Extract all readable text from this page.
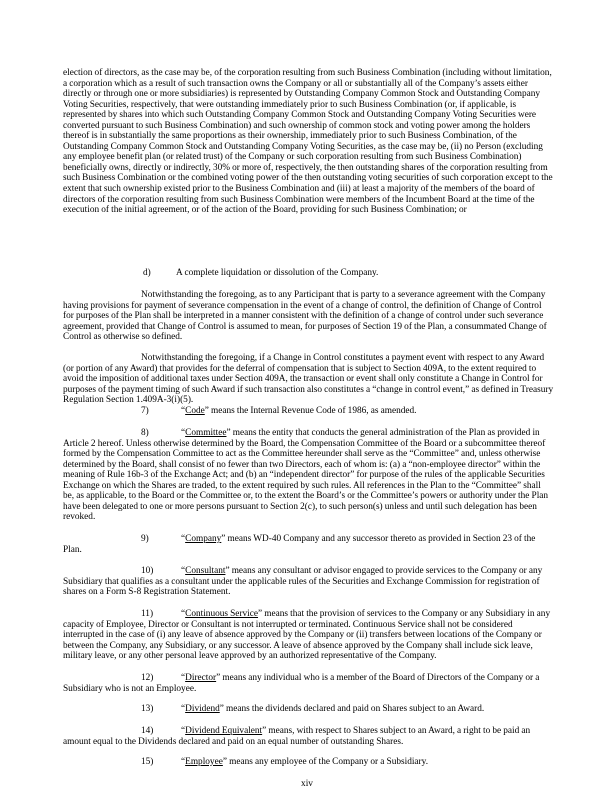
election of directors, as the case may be, of the corporation resulting from such Business Combination (including without limitation, a corporation which as a result of such transaction owns the Company or all or substantially all of the Company’s assets either directly or through one or more subsidiaries) is represented by Outstanding Company Common Stock and Outstanding Company Voting Securities, respectively, that were outstanding immediately prior to such Business Combination (or, if applicable, is represented by shares into which such Outstanding Company Common Stock and Outstanding Company Voting Securities were converted pursuant to such Business Combination) and such ownership of common stock and voting power among the holders thereof is in substantially the same proportions as their ownership, immediately prior to such Business Combination, of the Outstanding Company Common Stock and Outstanding Company Voting Securities, as the case may be, (ii) no Person (excluding any employee benefit plan (or related trust) of the Company or such corporation resulting from such Business Combination) beneficially owns, directly or indirectly, 30% or more of, respectively, the then outstanding shares of the corporation resulting from such Business Combination or the combined voting power of the then outstanding voting securities of such corporation except to the extent that such ownership existed prior to the Business Combination and (iii) at least a majority of the members of the board of directors of the corporation resulting from such Business Combination were members of the Incumbent Board at the time of the execution of the initial agreement, or of the action of the Board, providing for such Business Combination; or

d)	A complete liquidation or dissolution of the Company.

Notwithstanding the foregoing, as to any Participant that is party to a severance agreement with the Company having provisions for payment of severance compensation in the event of a change of control, the definition of Change of Control for purposes of the Plan shall be interpreted in a manner consistent with the definition of a change of control under such severance agreement, provided that Change of Control is assumed to mean, for purposes of Section 19 of the Plan, a consummated Change of Control as otherwise so defined.

Notwithstanding the foregoing, if a Change in Control constitutes a payment event with respect to any Award (or portion of any Award) that provides for the deferral of compensation that is subject to Section 409A, to the extent required to avoid the imposition of additional taxes under Section 409A, the transaction or event shall only constitute a Change in Control for purposes of the payment timing of such Award if such transaction also constitutes a “change in control event,” as defined in Treasury Regulation Section 1.409A-3(i)(5).

7)	“Code” means the Internal Revenue Code of 1986, as amended.

8)	“Committee” means the entity that conducts the general administration of the Plan as provided in Article 2 hereof. Unless otherwise determined by the Board, the Compensation Committee of the Board or a subcommittee thereof formed by the Compensation Committee to act as the Committee hereunder shall serve as the “Committee” and, unless otherwise determined by the Board, shall consist of no fewer than two Directors, each of whom is: (a) a “non-employee director” within the meaning of Rule 16b-3 of the Exchange Act; and (b) an “independent director” for purpose of the rules of the applicable Securities Exchange on which the Shares are traded, to the extent required by such rules. All references in the Plan to the “Committee” shall be, as applicable, to the Board or the Committee or, to the extent the Board’s or the Committee’s powers or authority under the Plan have been delegated to one or more persons pursuant to Section 2(c), to such person(s) unless and until such delegation has been revoked.

9)	“Company” means WD-40 Company and any successor thereto as provided in Section 23 of the Plan.

10)	“Consultant” means any consultant or advisor engaged to provide services to the Company or any Subsidiary that qualifies as a consultant under the applicable rules of the Securities and Exchange Commission for registration of shares on a Form S-8 Registration Statement.

11)	“Continuous Service” means that the provision of services to the Company or any Subsidiary in any capacity of Employee, Director or Consultant is not interrupted or terminated. Continuous Service shall not be considered interrupted in the case of (i) any leave of absence approved by the Company or (ii) transfers between locations of the Company or between the Company, any Subsidiary, or any successor. A leave of absence approved by the Company shall include sick leave, military leave, or any other personal leave approved by an authorized representative of the Company.

12)	“Director” means any individual who is a member of the Board of Directors of the Company or a Subsidiary who is not an Employee.

13)	“Dividend” means the dividends declared and paid on Shares subject to an Award.

14)	“Dividend Equivalent” means, with respect to Shares subject to an Award, a right to be paid an amount equal to the Dividends declared and paid on an equal number of outstanding Shares.

15)	“Employee” means any employee of the Company or a Subsidiary.

xiv
